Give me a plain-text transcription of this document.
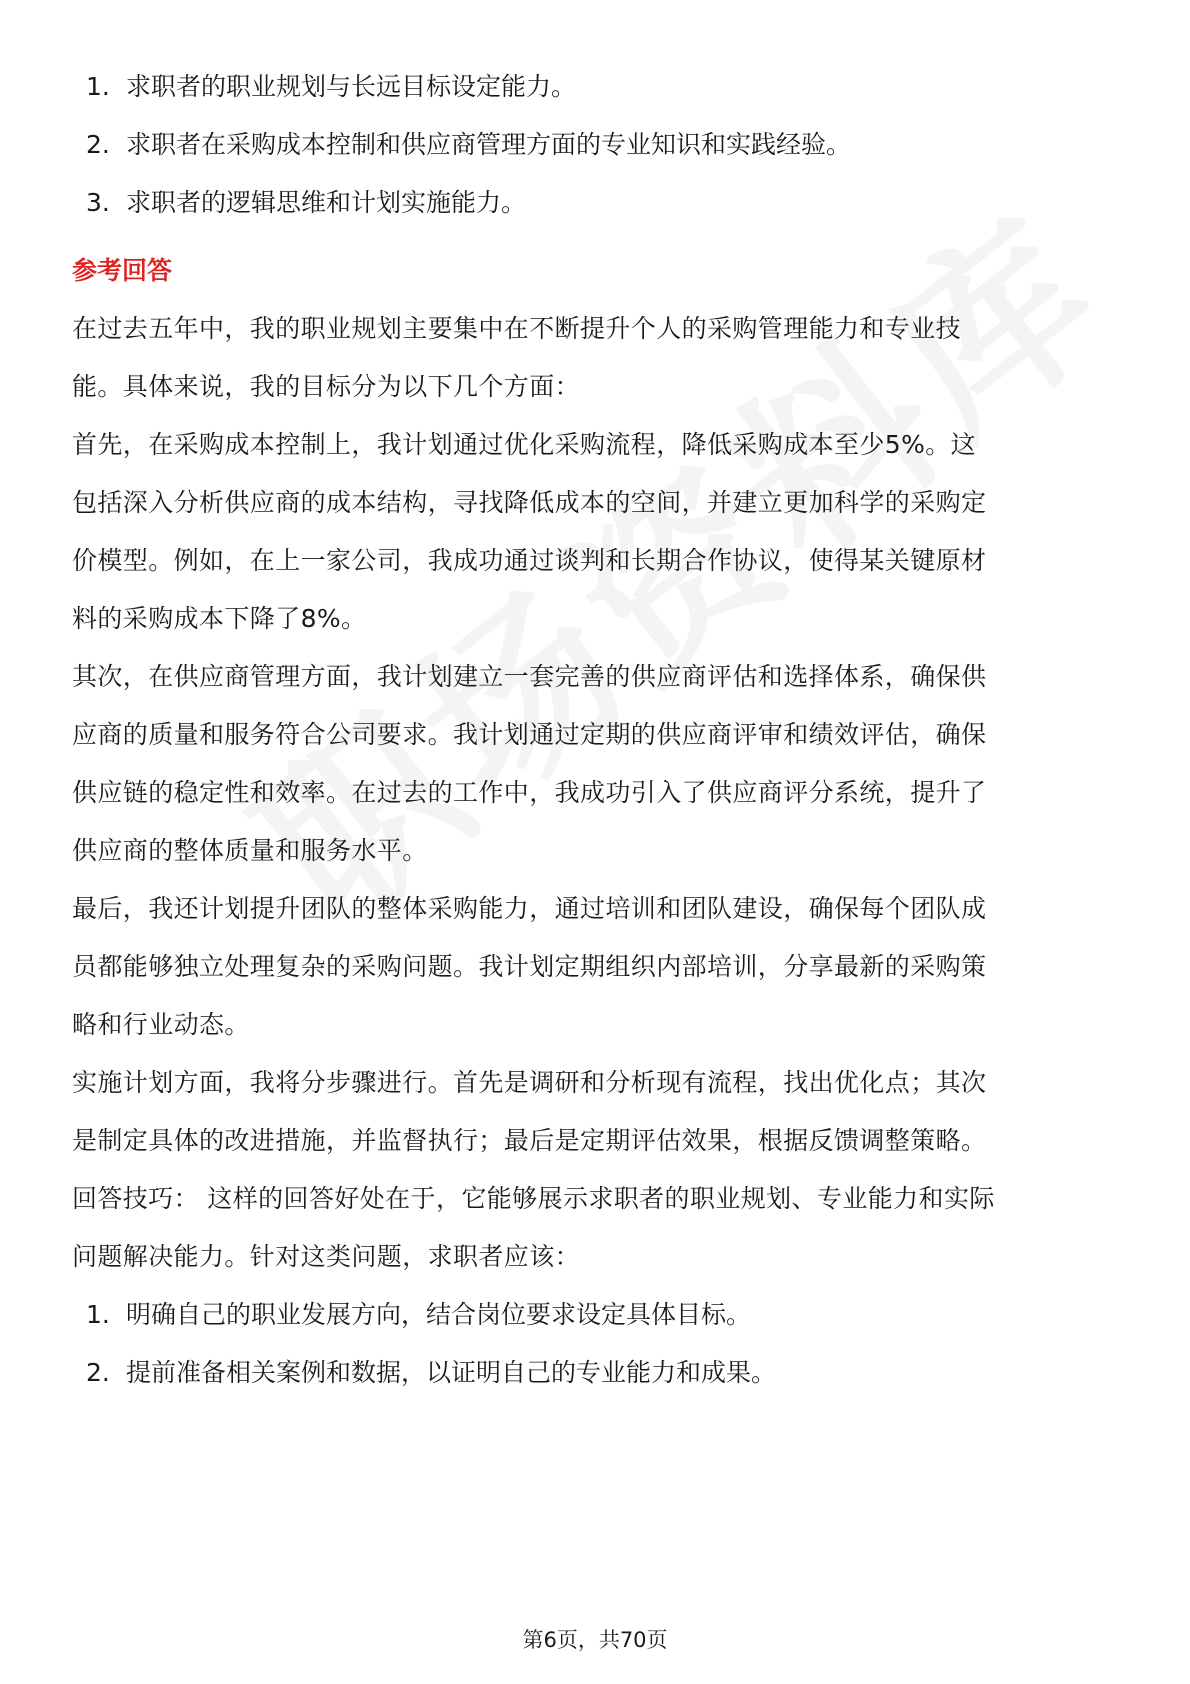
1. 求职者的职业规划与长远目标设定能力。
2. 求职者在采购成本控制和供应商管理方面的专业知识和实践经验。
3. 求职者的逻辑思维和计划实施能力。
参考回答

在过去五年中，我的职业规划主要集中在不断提升个人的采购管理能力和专业技
能。具体来说，我的目标分为以下几个方面：

首先，在采购成本控制上，我计划通过优化采购流程，降低采购成本至少5%。这
包括深入分析供应商的成本结构，寻找降低成本的空间，并建立更加科学的采购定
价模型。例如，在上一家公司，我成功通过谈判和长期合作协议，使得某关键原材
料的采购成本下降了8%。

其次，在供应商管理方面，我计划建立一套完善的供应商评估和选择体系，确保供
应商的质量和服务符合公司要求。我计划通过定期的供应商评审和绩效评估，确保
供应链的稳定性和效率。在过去的工作中，我成功引入了供应商评分系统，提升了
供应商的整体质量和服务水平。

最后，我还计划提升团队的整体采购能力，通过培训和团队建设，确保每个团队成
员都能够独立处理复杂的采购问题。我计划定期组织内部培训，分享最新的采购策
略和行业动态。

实施计划方面，我将分步骤进行。首先是调研和分析现有流程，找出优化点；其次
是制定具体的改进措施，并监督执行；最后是定期评估效果，根据反馈调整策略。

回答技巧： 这样的回答好处在于，它能够展示求职者的职业规划、专业能力和实际
问题解决能力。针对这类问题，求职者应该：

1. 明确自己的职业发展方向，结合岗位要求设定具体目标。
2. 提前准备相关案例和数据，以证明自己的专业能力和成果。
第6页，共70页
